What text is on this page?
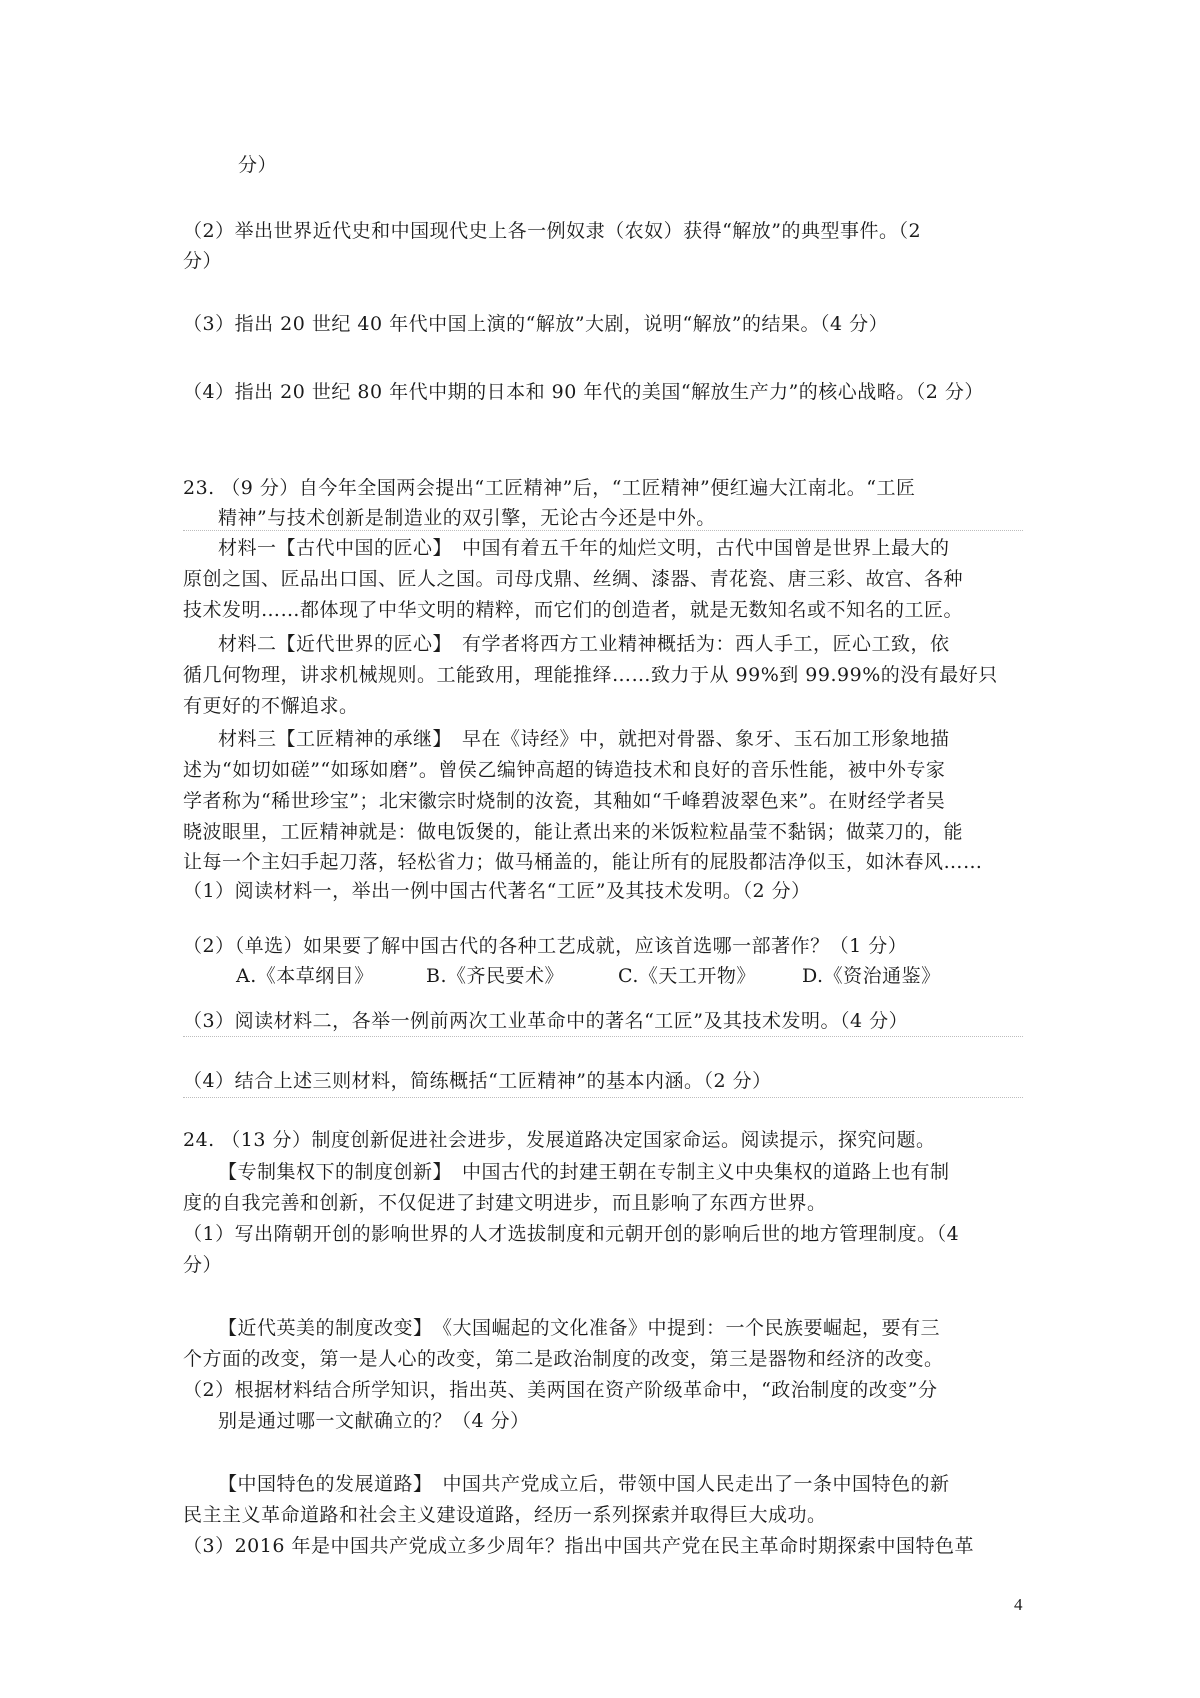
分）
（2）举出世界近代史和中国现代史上各一例奴隶（农奴）获得“解放”的典型事件。（2
分）
（3）指出 20 世纪 40 年代中国上演的“解放”大剧，说明“解放”的结果。（4 分）
（4）指出 20 世纪 80 年代中期的日本和 90 年代的美国“解放生产力”的核心战略。（2 分）
23. （9 分）自今年全国两会提出“工匠精神”后，“工匠精神”便红遍大江南北。“工匠
精神”与技术创新是制造业的双引擎，无论古今还是中外。
材料一【古代中国的匠心】　中国有着五千年的灿烂文明，古代中国曾是世界上最大的
原创之国、匠品出口国、匠人之国。司母戊鼎、丝绸、漆器、青花瓷、唐三彩、故宫、各种
技术发明……都体现了中华文明的精粹，而它们的创造者，就是无数知名或不知名的工匠。
材料二【近代世界的匠心】　有学者将西方工业精神概括为：西人手工，匠心工致，依
循几何物理，讲求机械规则。工能致用，理能推绎……致力于从 99%到 99.99%的没有最好只
有更好的不懈追求。
材料三【工匠精神的承继】　早在《诗经》中，就把对骨器、象牙、玉石加工形象地描
述为“如切如磋”“如琢如磨”。曾侯乙编钟高超的铸造技术和良好的音乐性能，被中外专家
学者称为“稀世珍宝”；北宋徽宗时烧制的汝瓷，其釉如“千峰碧波翠色来”。在财经学者吴
晓波眼里，工匠精神就是：做电饭煲的，能让煮出来的米饭粒粒晶莹不黏锅；做菜刀的，能
让每一个主妇手起刀落，轻松省力；做马桶盖的，能让所有的屁股都洁净似玉，如沐春风……
（1）阅读材料一，举出一例中国古代著名“工匠”及其技术发明。（2 分）
（2）（单选）如果要了解中国古代的各种工艺成就，应该首选哪一部著作？（1 分）
A.《本草纲目》	B.《齐民要术》	C.《天工开物》 D.《资治通鉴》
（3）阅读材料二，各举一例前两次工业革命中的著名“工匠”及其技术发明。（4 分）
（4）结合上述三则材料，简练概括“工匠精神”的基本内涵。（2 分）
24. （13 分）制度创新促进社会进步，发展道路决定国家命运。阅读提示，探究问题。
【专制集权下的制度创新】　中国古代的封建王朝在专制主义中央集权的道路上也有制
度的自我完善和创新，不仅促进了封建文明进步，而且影响了东西方世界。
（1）写出隋朝开创的影响世界的人才选拔制度和元朝开创的影响后世的地方管理制度。（4
分）
【近代英美的制度改变】　《大国崛起的文化准备》中提到：一个民族要崛起，要有三
个方面的改变，第一是人心的改变，第二是政治制度的改变，第三是器物和经济的改变。
（2）根据材料结合所学知识，指出英、美两国在资产阶级革命中，“政治制度的改变”分
别是通过哪一文献确立的？（4 分）
【中国特色的发展道路】　中国共产党成立后，带领中国人民走出了一条中国特色的新
民主主义革命道路和社会主义建设道路，经历一系列探索并取得巨大成功。
（3）2016 年是中国共产党成立多少周年？指出中国共产党在民主革命时期探索中国特色革
4
